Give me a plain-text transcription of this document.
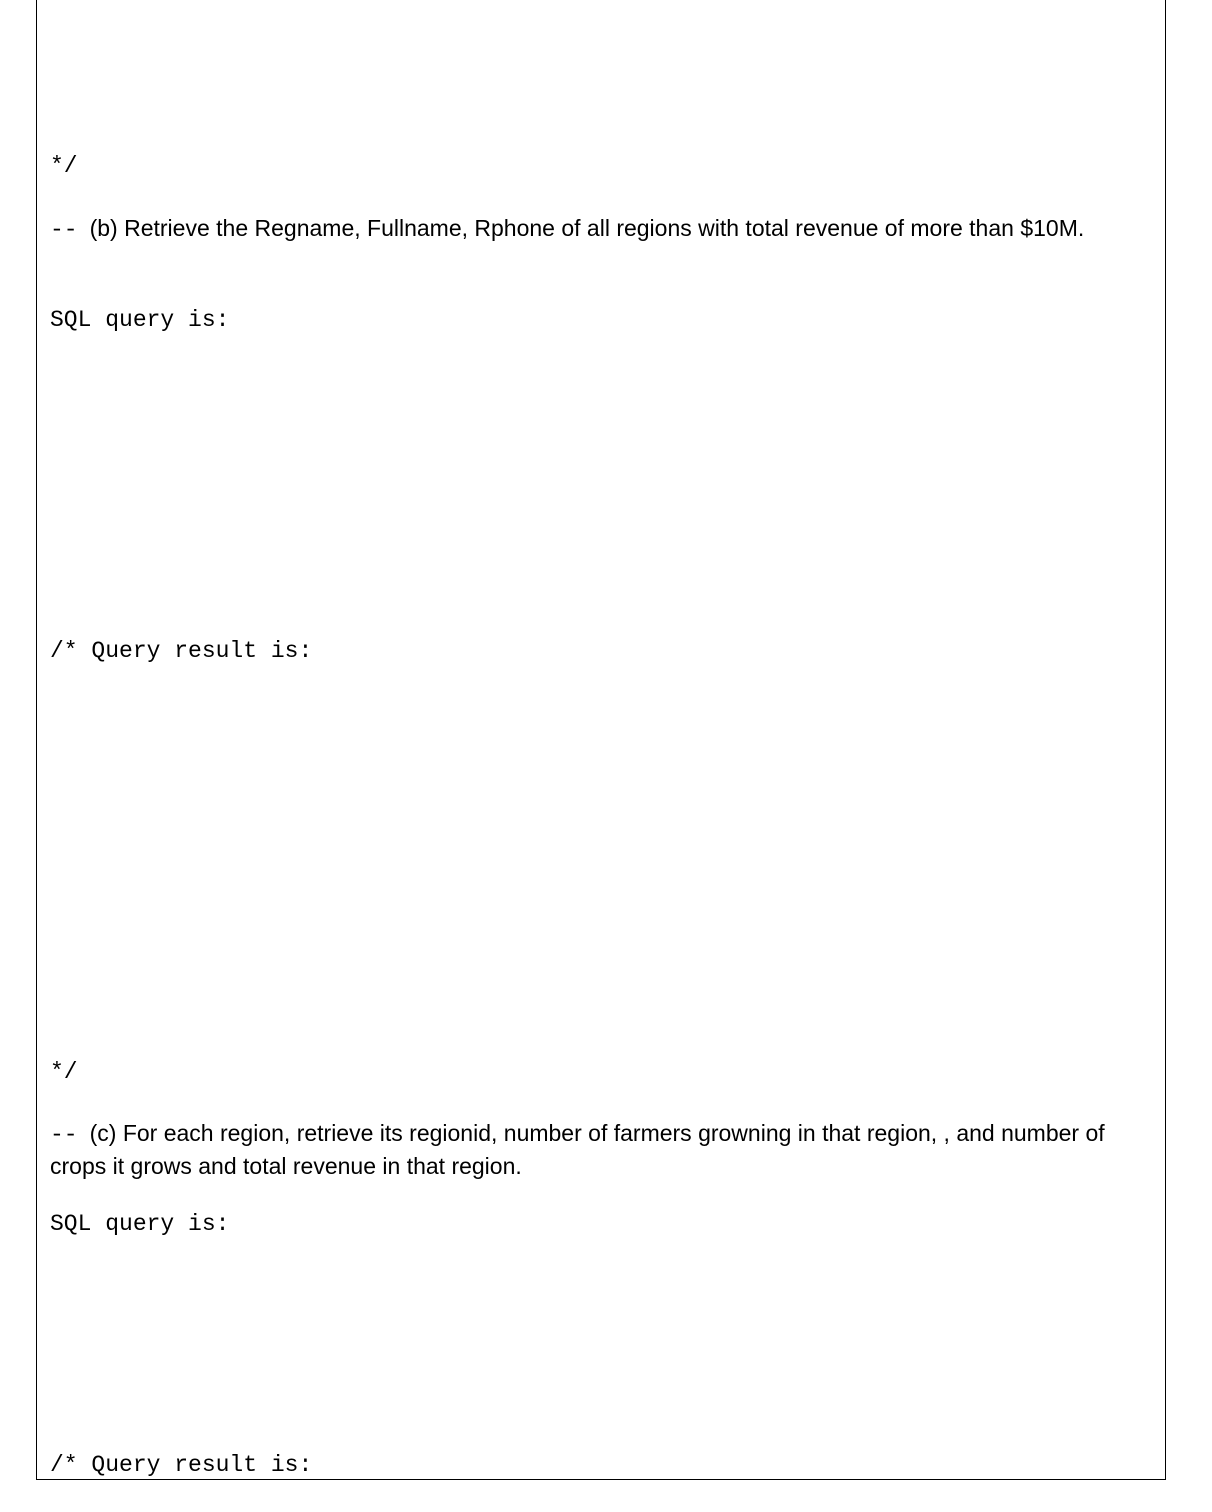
*/
-- (b) Retrieve the Regname, Fullname, Rphone of all regions with total revenue of more than $10M.
SQL query is:
/* Query result is:
*/
-- (c) For each region, retrieve its regionid, number of farmers growning in that region, , and number of crops it grows and total revenue in that region.
SQL query is:
/* Query result is:
